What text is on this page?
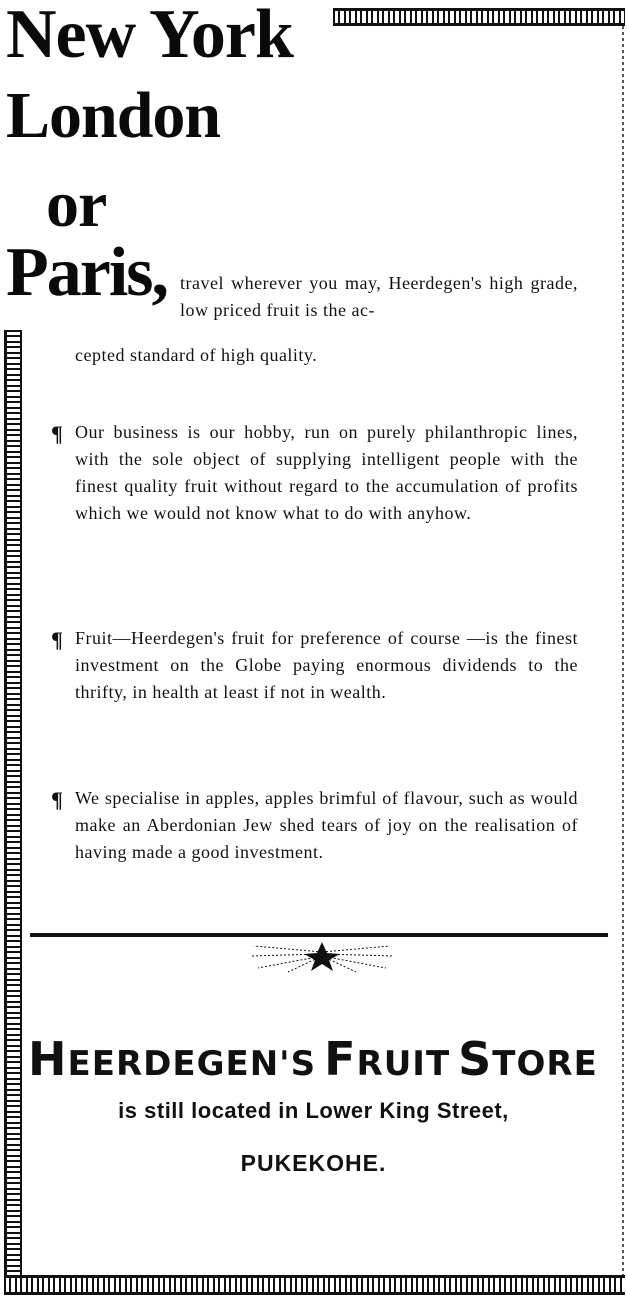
New York
London
or
Paris, travel wherever you may, Heerdegen's high grade, low priced fruit is the ac-

cepted standard of high quality.

¶ Our business is our hobby, run on purely philanthropic lines, with the sole object of supplying intelligent people with the finest quality fruit without regard to the accumulation of profits which we would not know what to do with anyhow.

¶ Fruit—Heerdegen's fruit for preference of course —is the finest investment on the Globe paying enormous dividends to the thrifty, in health at least if not in wealth.

¶ We specialise in apples, apples brimful of flavour, such as would make an Aberdonian Jew shed tears of joy on the realisation of having made a good investment.

HEERDEGEN'S FRUIT STORE

is still located in Lower King Street,

PUKEKOHE.
